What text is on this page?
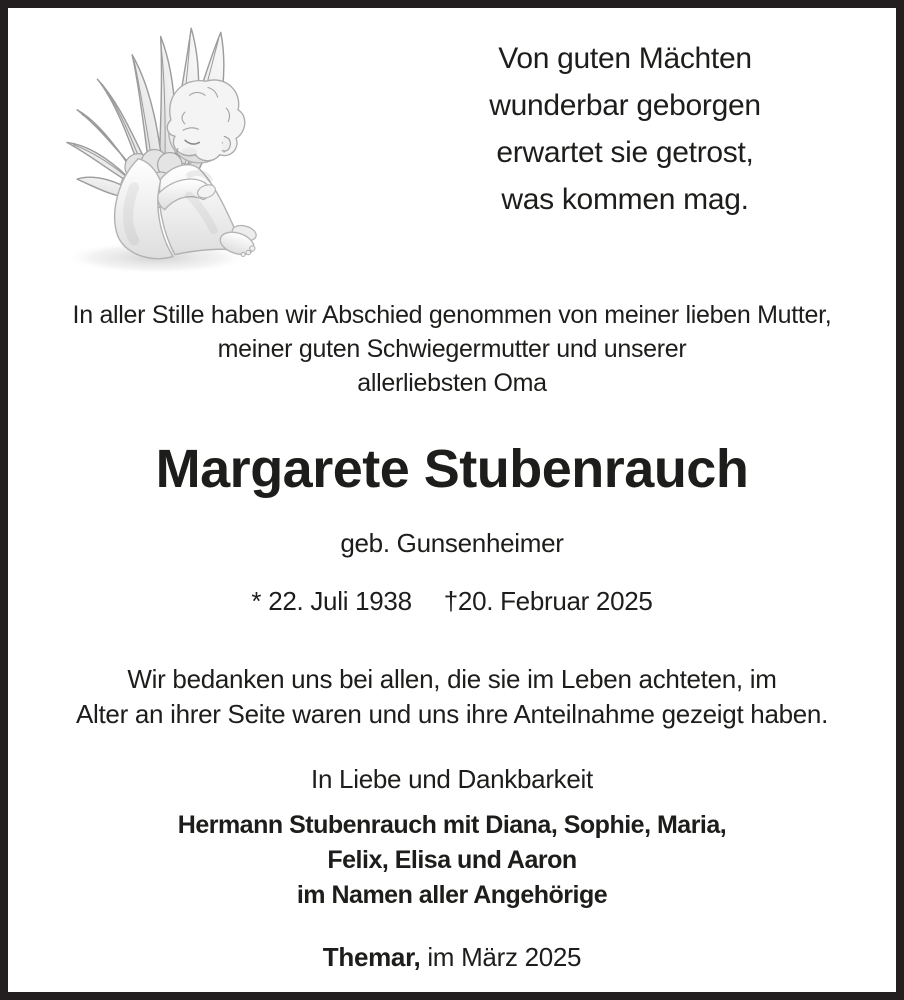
Von guten Mächten
wunderbar geborgen
erwartet sie getrost,
was kommen mag.
In aller Stille haben wir Abschied genommen von meiner lieben Mutter,
meiner guten Schwiegermutter und unserer
allerliebsten Oma
Margarete Stubenrauch
geb. Gunsenheimer
* 22. Juli 1938 †20. Februar 2025
Wir bedanken uns bei allen, die sie im Leben achteten, im
Alter an ihrer Seite waren und uns ihre Anteilnahme gezeigt haben.
In Liebe und Dankbarkeit
Hermann Stubenrauch mit Diana, Sophie, Maria,
Felix, Elisa und Aaron
im Namen aller Angehörige
Themar, im März 2025
